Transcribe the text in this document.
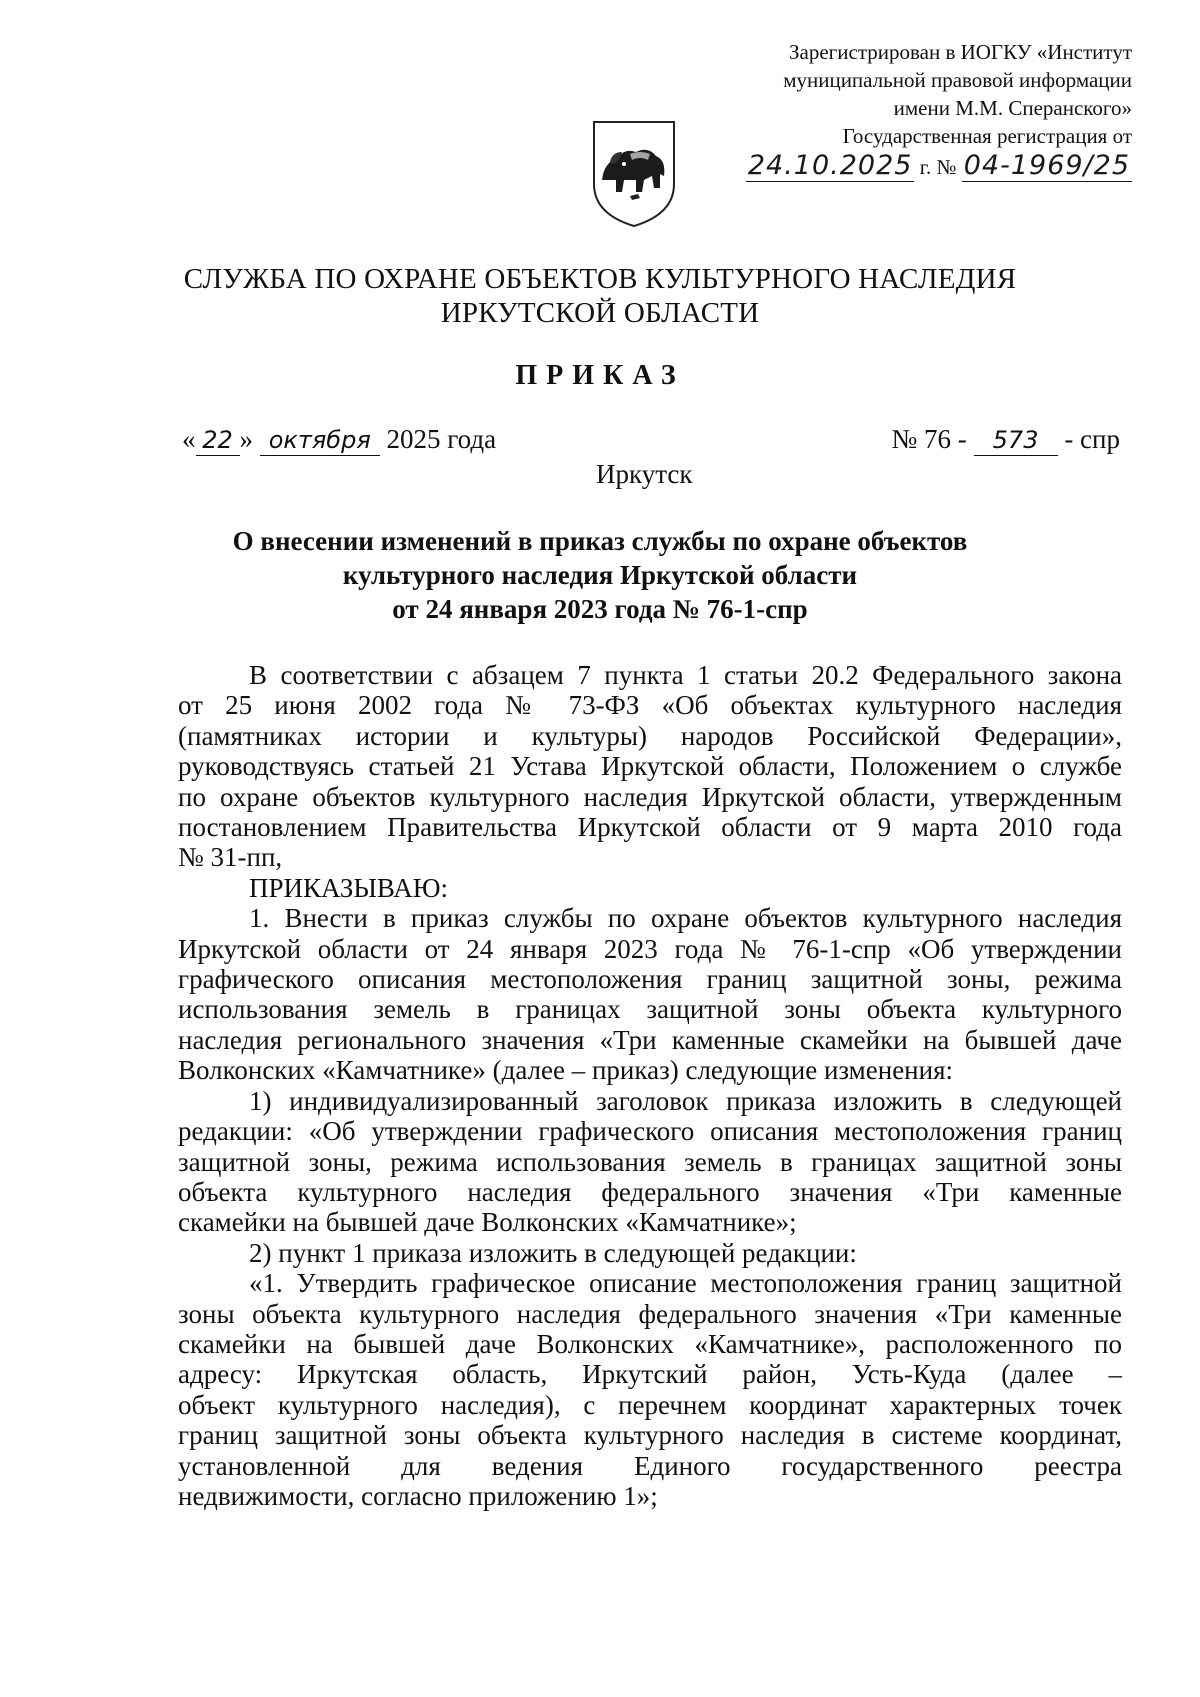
Зарегистрирован в ИОГКУ «Институт
муниципальной правовой информации
имени М.М. Сперанского»
Государственная регистрация от
24.10.2025 г. № 04-1969/25
СЛУЖБА ПО ОХРАНЕ ОБЪЕКТОВ КУЛЬТУРНОГО НАСЛЕДИЯ
ИРКУТСКОЙ ОБЛАСТИ
ПРИКАЗ
« 22 » октября 2025 года	№ 76 - 573 - спр
Иркутск
О внесении изменений в приказ службы по охране объектов
культурного наследия Иркутской области
от 24 января 2023 года № 76-1-спр

В соответствии с абзацем 7 пункта 1 статьи 20.2 Федерального закона
от 25 июня 2002 года № 73-ФЗ «Об объектах культурного наследия
(памятниках истории и культуры) народов Российской Федерации»,
руководствуясь статьей 21 Устава Иркутской области, Положением о службе
по охране объектов культурного наследия Иркутской области, утвержденным
постановлением Правительства Иркутской области от 9 марта 2010 года
№ 31-пп,

ПРИКАЗЫВАЮ:

1. Внести в приказ службы по охране объектов культурного наследия
Иркутской области от 24 января 2023 года № 76-1-спр «Об утверждении
графического описания местоположения границ защитной зоны, режима
использования земель в границах защитной зоны объекта культурного
наследия регионального значения «Три каменные скамейки на бывшей даче
Волконских «Камчатнике» (далее – приказ) следующие изменения:

1) индивидуализированный заголовок приказа изложить в следующей
редакции: «Об утверждении графического описания местоположения границ
защитной зоны, режима использования земель в границах защитной зоны
объекта культурного наследия федерального значения «Три каменные
скамейки на бывшей даче Волконских «Камчатнике»;

2) пункт 1 приказа изложить в следующей редакции:

«1. Утвердить графическое описание местоположения границ защитной
зоны объекта культурного наследия федерального значения «Три каменные
скамейки на бывшей даче Волконских «Камчатнике», расположенного по
адресу: Иркутская область, Иркутский район, Усть-Куда (далее –
объект культурного наследия), с перечнем координат характерных точек
границ защитной зоны объекта культурного наследия в системе координат,
установленной для ведения Единого государственного реестра
недвижимости, согласно приложению 1»;
